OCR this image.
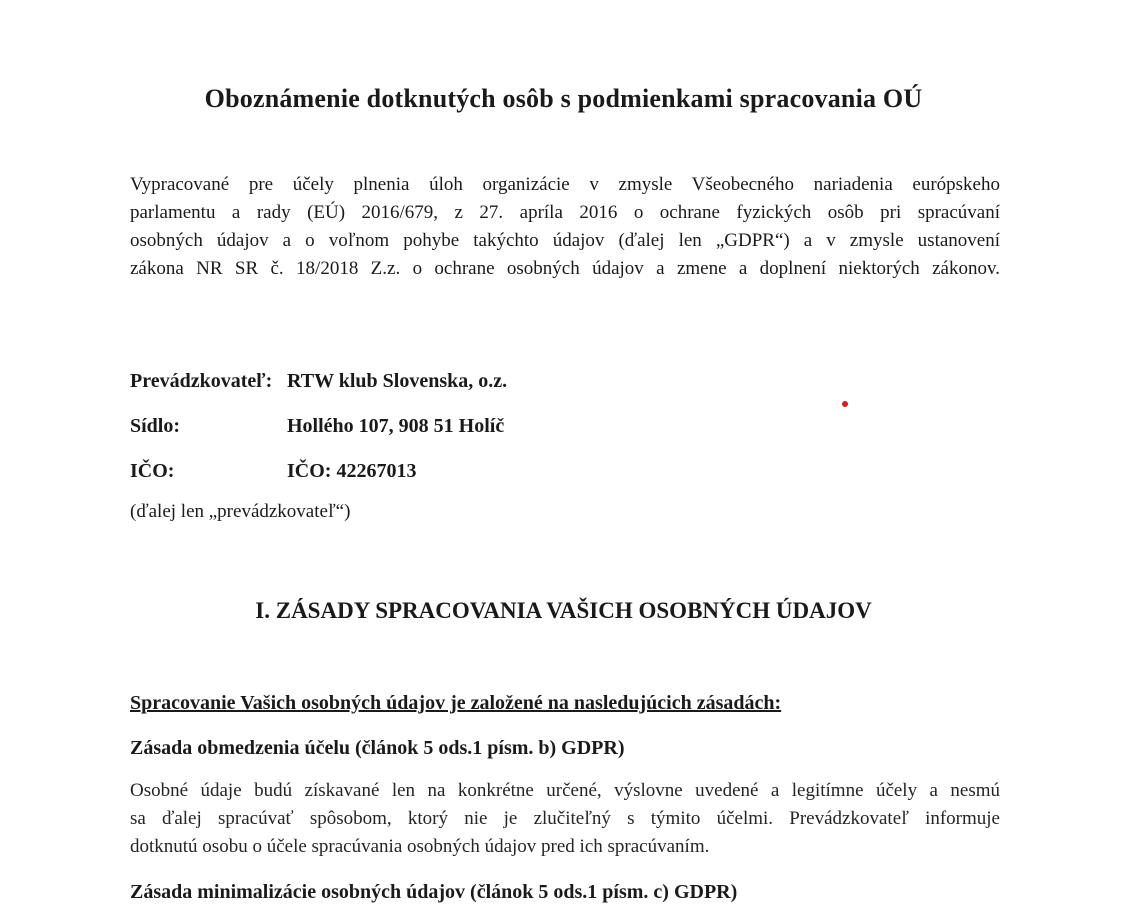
Oboznámenie dotknutých osôb s podmienkami spracovania OÚ
Vypracované pre účely plnenia úloh organizácie v zmysle Všeobecného nariadenia európskeho
parlamentu a rady (EÚ) 2016/679, z 27. apríla 2016 o ochrane fyzických osôb pri spracúvaní
osobných údajov a o voľnom pohybe takýchto údajov (ďalej len „GDPR“) a v zmysle ustanovení
zákona NR SR č. 18/2018 Z.z. o ochrane osobných údajov a zmene a doplnení niektorých zákonov.
Prevádzkovateľ: RTW klub Slovenska, o.z.
Sídlo:	Hollého 107, 908 51 Holíč
IČO:	IČO: 42267013
(ďalej len „prevádzkovateľ“)
I. ZÁSADY SPRACOVANIA VAŠICH OSOBNÝCH ÚDAJOV
Spracovanie Vašich osobných údajov je založené na nasledujúcich zásadách:
Zásada obmedzenia účelu (článok 5 ods.1 písm. b) GDPR)
Osobné údaje budú získavané len na konkrétne určené, výslovne uvedené a legitímne účely a nesmú
sa ďalej spracúvať spôsobom, ktorý nie je zlučiteľný s týmito účelmi. Prevádzkovateľ informuje
dotknutú osobu o účele spracúvania osobných údajov pred ich spracúvaním.
Zásada minimalizácie osobných údajov (článok 5 ods.1 písm. c) GDPR)
